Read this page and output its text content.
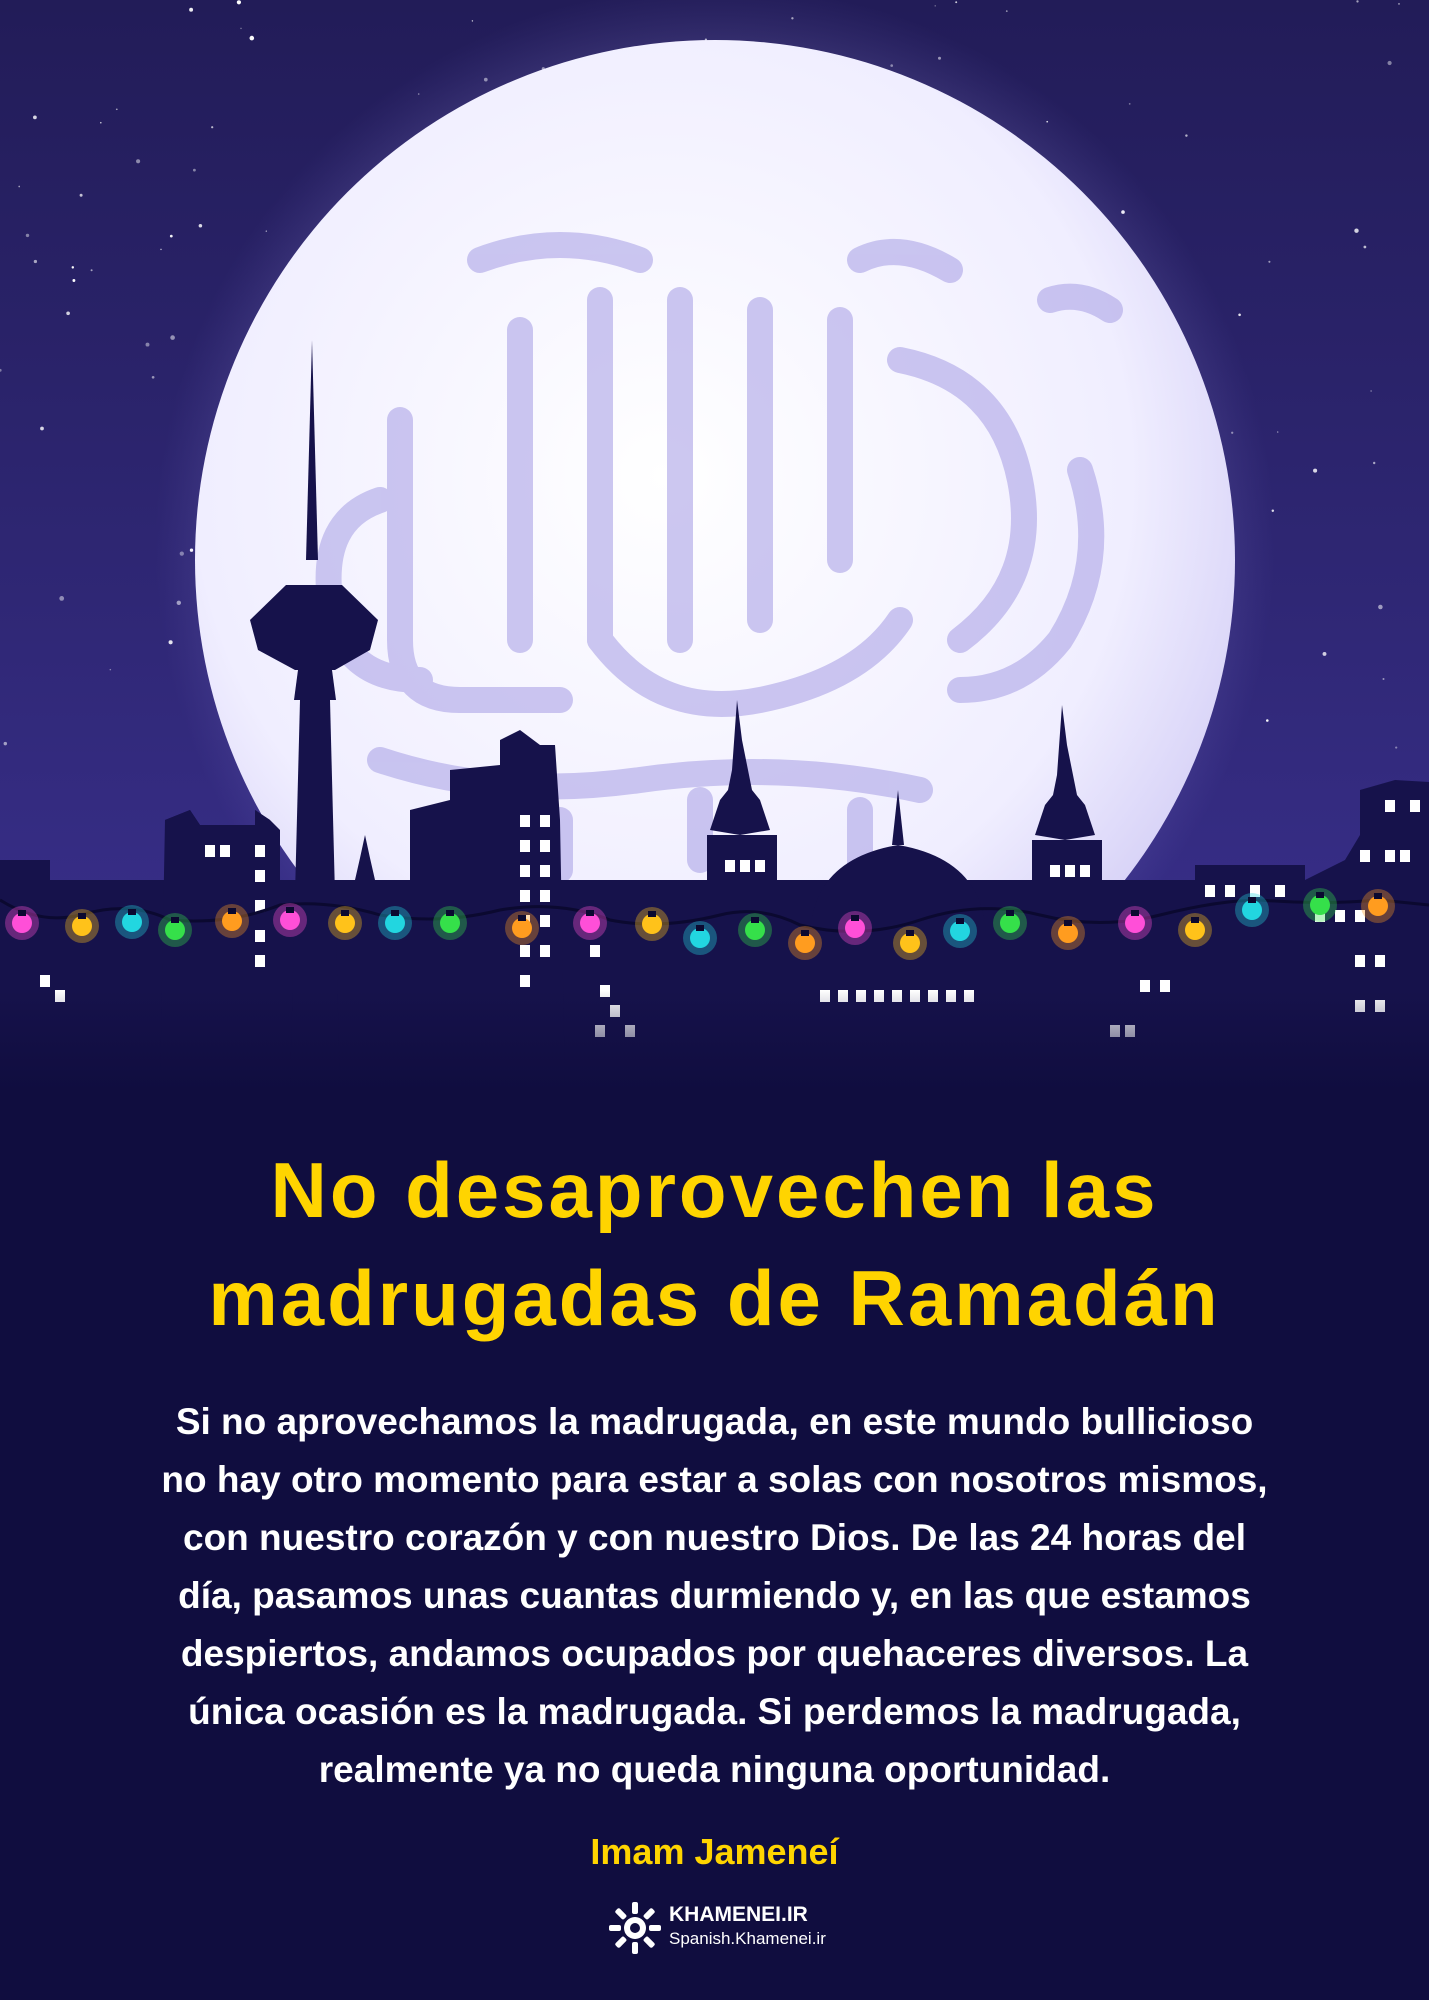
No desaprovechen las
madrugadas de Ramadán
Si no aprovechamos la madrugada, en este mundo bullicioso
no hay otro momento para estar a solas con nosotros mismos,
con nuestro corazón y con nuestro Dios. De las 24 horas del
día, pasamos unas cuantas durmiendo y, en las que estamos
despiertos, andamos ocupados por quehaceres diversos. La
única ocasión es la madrugada. Si perdemos la madrugada,
realmente ya no queda ninguna oportunidad.
Imam Jameneí
KHAMENEI.IR
Spanish.Khamenei.ir
